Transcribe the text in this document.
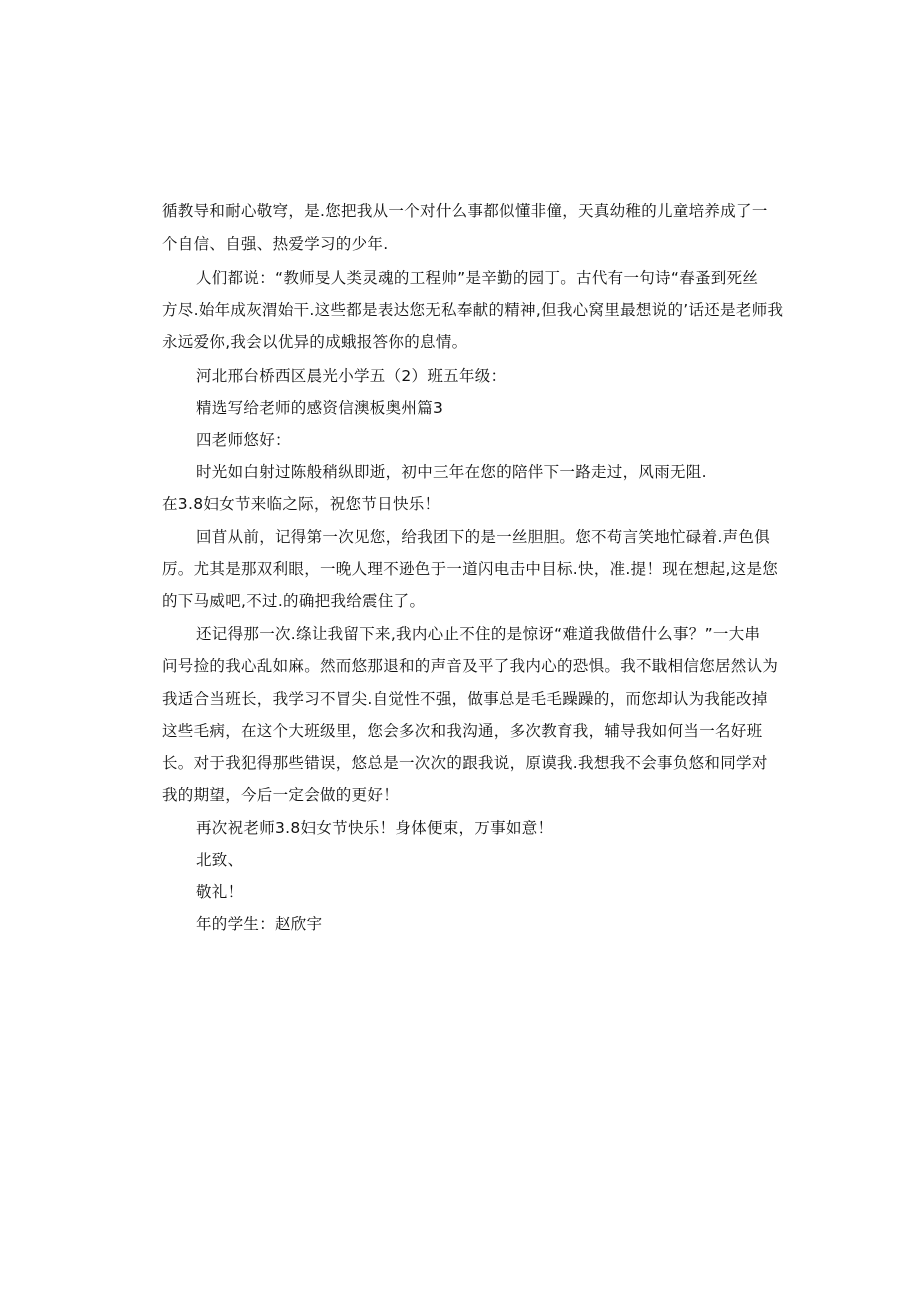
循教导和耐心敬穹，是.您把我从一个对什么事都似懂非僮，天真幼稚的儿童培养成了一
个自信、自强、热爱学习的少年.
人们都说：“教师旻人类灵魂的工程帅”是辛勤的园丁。古代有一句诗“春蚤到死丝
方尽.始年成灰渭始干.这些都是表达您无私奉献的精神,但我心窝里最想说的’话还是老师我
永远爱你,我会以优异的成蛾报答你的息情。
河北邢台桥西区晨光小学五（2）班五年级：
精选写给老师的感资信澳板奥州篇3
四老师悠好：
时光如白射过陈般稍纵即逝，初中三年在您的陪伴下一路走过，风雨无阻.
在3.8妇女节来临之际，祝您节日快乐！
回苜从前，记得第一次见您，给我团下的是一丝胆胆。您不苟言笑地忙碌着.声色俱
厉。尤其是那双利眼，一晚人理不逊色于一道闪电击中目标.快，准.提！现在想起,这是您
的下马威吧,不过.的确把我给震住了。
还记得那一次.绦让我留下来,我内心止不住的是惊讶“难道我做借什么事？”一大串
问号捡的我心乱如麻。然而悠那退和的声音及平了我内心的恐惧。我不戢相信您居然认为
我适合当班长，我学习不冒尖.自觉性不强，做事总是毛毛躁躁的，而您却认为我能改掉
这些毛病，在这个大班级里，您会多次和我沟通，多次教育我，辅导我如何当一名好班
长。对于我犯得那些错误，悠总是一次次的跟我说，原谟我.我想我不会事负悠和同学对
我的期望，今后一定会做的更好！
再次祝老师3.8妇女节快乐！身体便束，万事如意！
北致、
敬礼！
年的学生：赵欣宇
